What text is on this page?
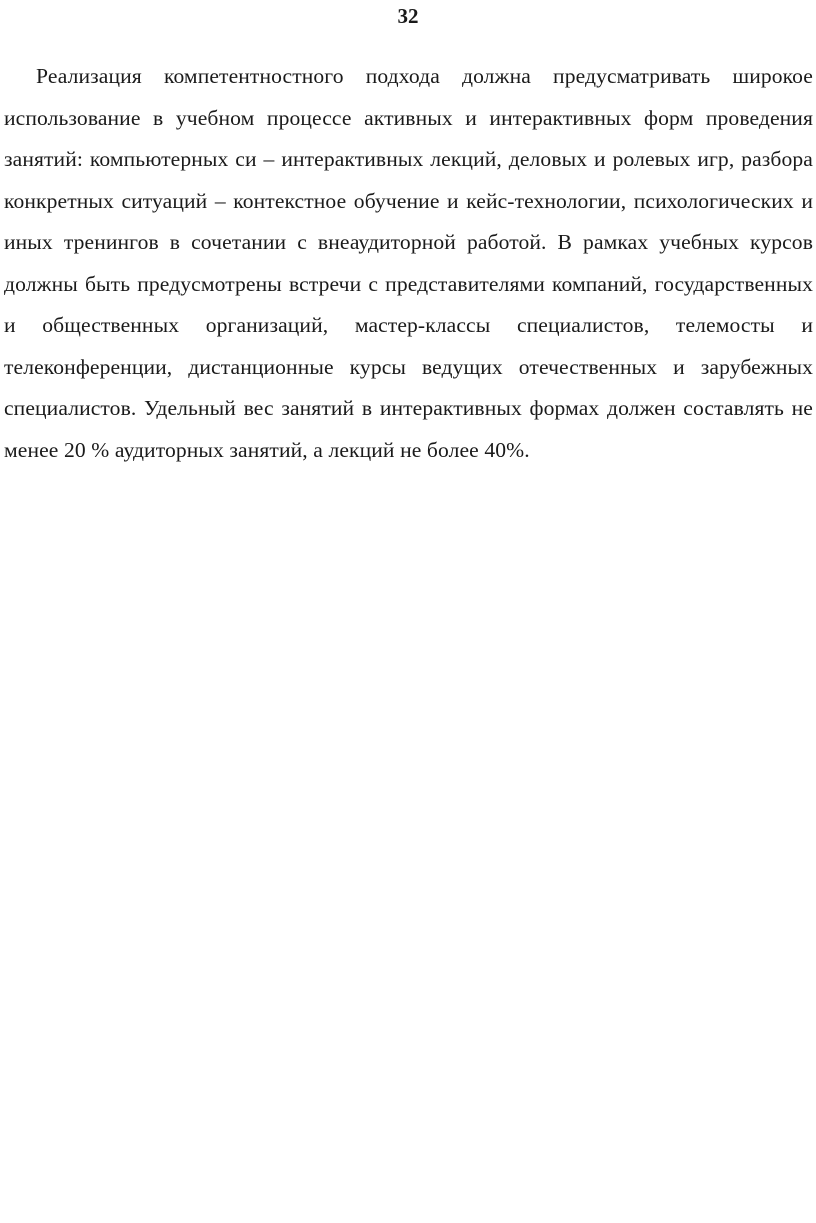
32

Реализация компетентностного подхода должна предусматривать широкое использование в учебном процессе активных и интерактивных форм проведения занятий: компьютерных си – интерактивных лекций, деловых и ролевых игр, разбора конкретных ситуаций – контекстное обучение и кейс-технологии, психологических и иных тренингов в сочетании с внеаудиторной работой. В рамках учебных курсов должны быть предусмотрены встречи с представителями компаний, государственных и общественных организаций, мастер-классы специалистов, телемосты и телеконференции, дистанционные курсы ведущих отечественных и зарубежных специалистов. Удельный вес занятий в интерактивных формах должен составлять не менее 20 % аудиторных занятий, а лекций не более 40%.
